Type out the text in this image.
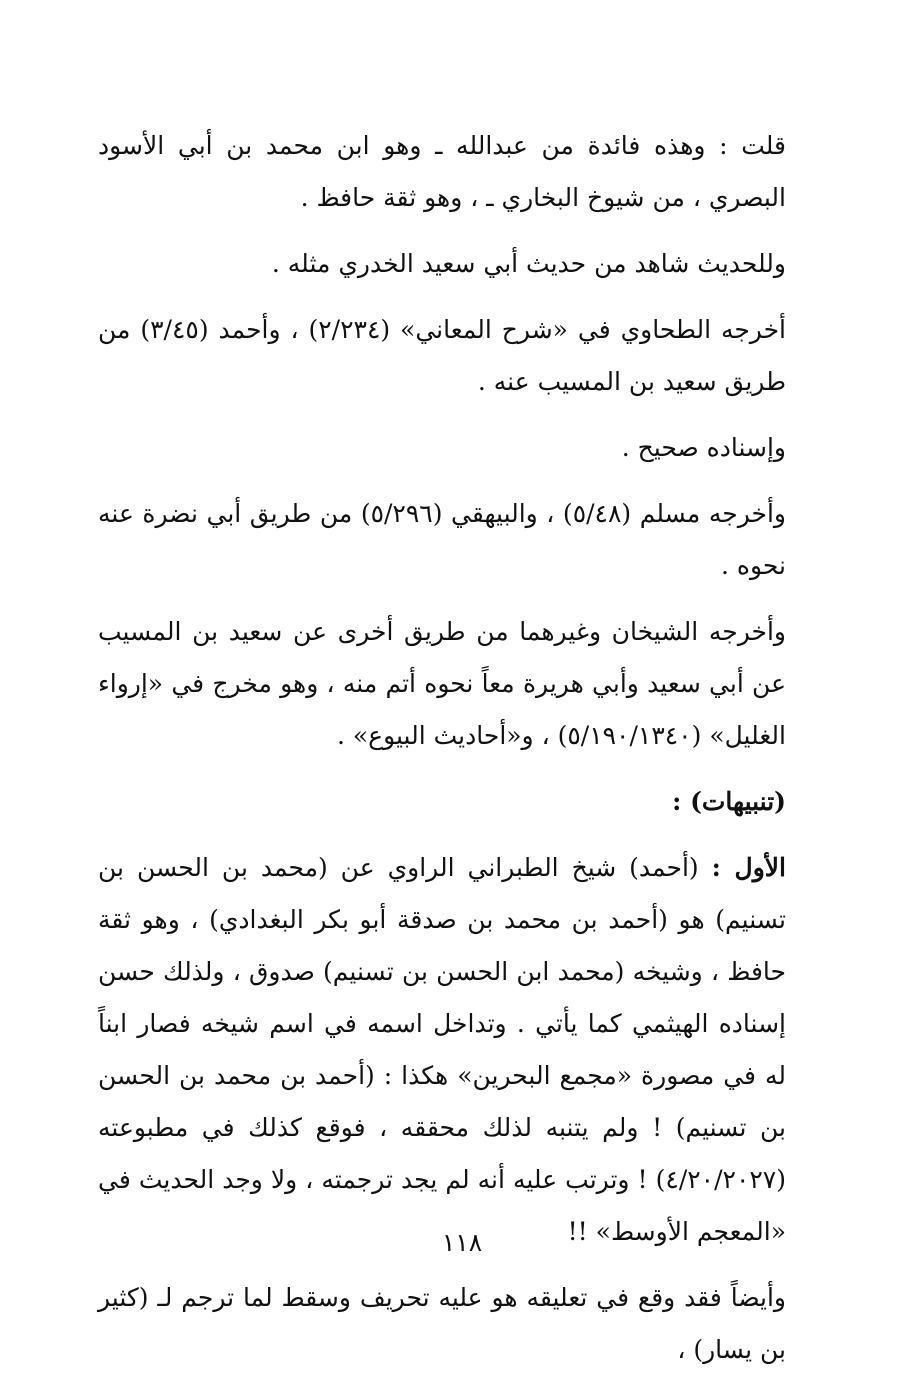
قلت : وهذه فائدة من عبدالله ـ وهو ابن محمد بن أبي الأسود البصري ، من شيوخ البخاري ـ ، وهو ثقة حافظ .

وللحديث شاهد من حديث أبي سعيد الخدري مثله .

أخرجه الطحاوي في «شرح المعاني» (٢/٢٣٤) ، وأحمد (٣/٤٥) من طريق سعيد بن المسيب عنه .

وإسناده صحيح .

وأخرجه مسلم (٥/٤٨) ، والبيهقي (٥/٢٩٦) من طريق أبي نضرة عنه نحوه .

وأخرجه الشيخان وغيرهما من طريق أخرى عن سعيد بن المسيب عن أبي سعيد وأبي هريرة معاً نحوه أتم منه ، وهو مخرج في «إرواء الغليل» (٥/١٩٠/١٣٤٠) ، و«أحاديث البيوع» .

(تنبيهات) :

الأول : (أحمد) شيخ الطبراني الراوي عن (محمد بن الحسن بن تسنيم) هو (أحمد بن محمد بن صدقة أبو بكر البغدادي) ، وهو ثقة حافظ ، وشيخه (محمد ابن الحسن بن تسنيم) صدوق ، ولذلك حسن إسناده الهيثمي كما يأتي . وتداخل اسمه في اسم شيخه فصار ابناً له في مصورة «مجمع البحرين» هكذا : (أحمد بن محمد بن الحسن بن تسنيم) ! ولم يتنبه لذلك محققه ، فوقع كذلك في مطبوعته (٤/٢٠/٢٠٢٧) ! وترتب عليه أنه لم يجد ترجمته ، ولا وجد الحديث في «المعجم الأوسط» !!

وأيضاً فقد وقع في تعليقه هو عليه تحريف وسقط لما ترجم لـ (كثير بن يسار) ،

١١٨
